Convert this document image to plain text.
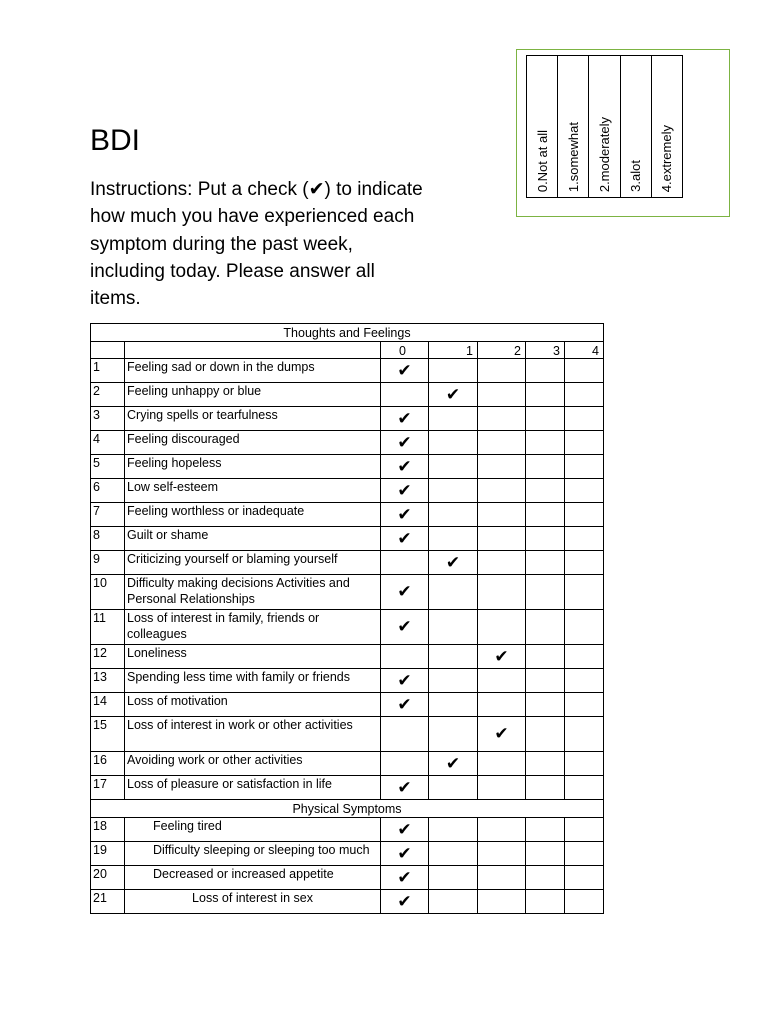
0.Not at all	1.somewhat	2.moderately	3.alot	4.extremely
BDI

Instructions: Put a check (✔) to indicate how much you have experienced each symptom during the past week, including today. Please answer all items.

Thoughts and Feelings						
		0	1	2	3	4
1	Feeling sad or down in the dumps	✔				
2	Feeling unhappy or blue		✔			
3	Crying spells or tearfulness	✔				
4	Feeling discouraged	✔				
5	Feeling hopeless	✔				
6	Low self-esteem	✔				
7	Feeling worthless or inadequate	✔				
8	Guilt or shame	✔				
9	Criticizing yourself or blaming yourself		✔			
10	Difficulty making decisions Activities and Personal Relationships	✔				
11	Loss of interest in family, friends or colleagues	✔				
12	Loneliness			✔		
13	Spending less time with family or friends	✔				
14	Loss of motivation	✔				
15	Loss of interest in work or other activities			✔		
16	Avoiding work or other activities		✔			
17	Loss of pleasure or satisfaction in life	✔				
Physical Symptoms						
18	Feeling tired	✔				
19	Difficulty sleeping or sleeping too much	✔				
20	Decreased or increased appetite	✔				
21	Loss of interest in sex	✔				
